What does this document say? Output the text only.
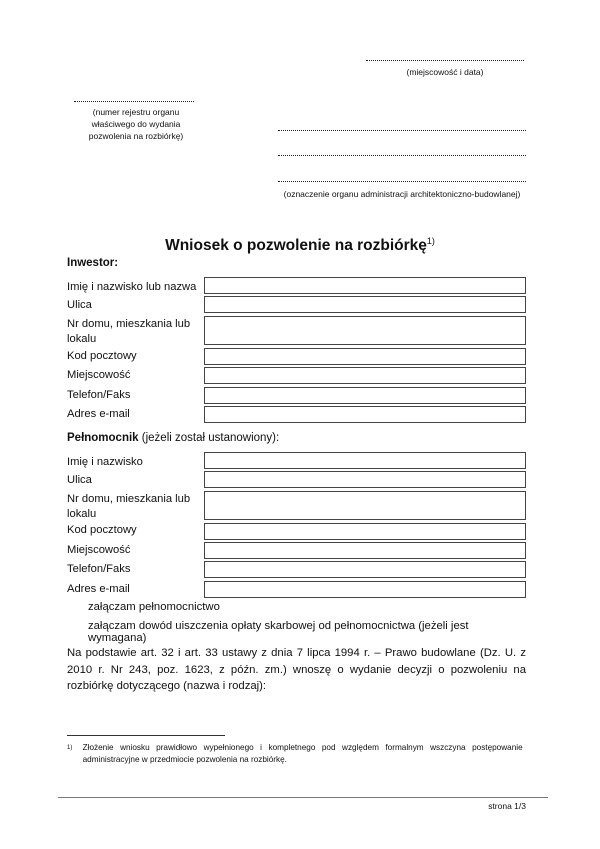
(miejscowość i data)
(numer rejestru organu właściwego do wydania pozwolenia na rozbiórkę)
(oznaczenie organu administracji architektoniczno-budowlanej)
Wniosek o pozwolenie na rozbiórkę$^{1)}$
Inwestor:
Imię i nazwisko lub nazwa
Ulica
Nr domu, mieszkania lub lokalu
Kod pocztowy
Miejscowość
Telefon/Faks
Adres e-mail
Pełnomocnik (jeżeli został ustanowiony):
Imię i nazwisko
Ulica
Nr domu, mieszkania lub lokalu
Kod pocztowy
Miejscowość
Telefon/Faks
Adres e-mail
załączam pełnomocnictwo
załączam dowód uiszczenia opłaty skarbowej od pełnomocnictwa (jeżeli jest wymagana)
Na podstawie art. 32 i art. 33 ustawy z dnia 7 lipca 1994 r. – Prawo budowlane (Dz. U. z 2010 r. Nr 243, poz. 1623, z późn. zm.) wnoszę o wydanie decyzji o pozwoleniu na rozbiórkę dotyczącego (nazwa i rodzaj):
$^{1)}$ Złożenie wniosku prawidłowo wypełnionego i kompletnego pod względem formalnym wszczyna postępowanie administracyjne w przedmiocie pozwolenia na rozbiórkę.
strona 1/3
